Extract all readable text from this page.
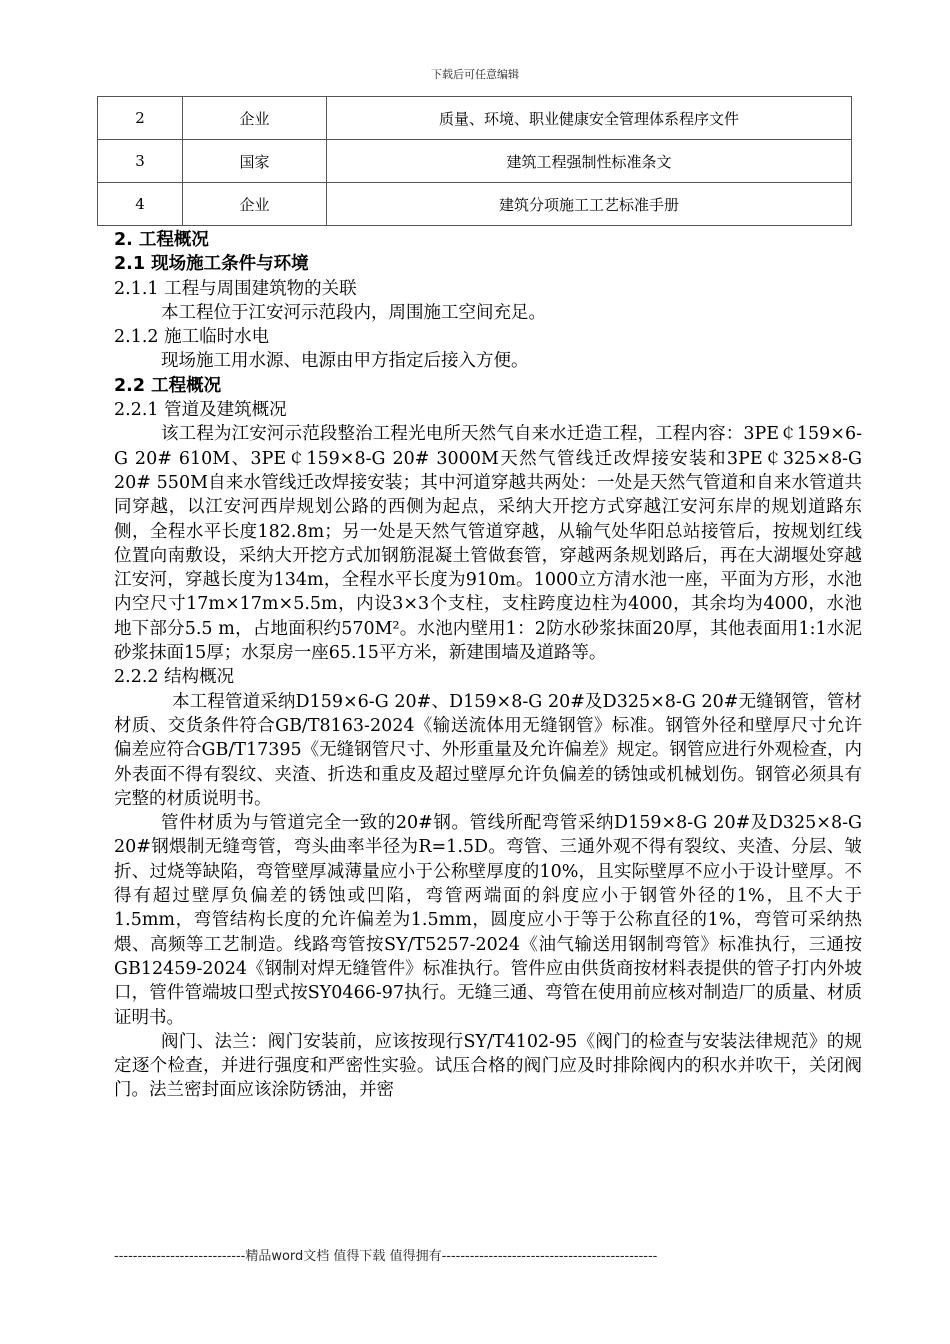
下载后可任意编辑
2	企业	质量、环境、职业健康安全管理体系程序文件
3	国家	建筑工程强制性标准条文
4	企业	建筑分项施工工艺标准手册

2. 工程概况

2.1 现场施工条件与环境

2.1.1 工程与周围建筑物的关联

本工程位于江安河示范段内，周围施工空间充足。

2.1.2 施工临时水电

现场施工用水源、电源由甲方指定后接入方便。

2.2 工程概况

2.2.1 管道及建筑概况

该工程为江安河示范段整治工程光电所天然气自来水迁造工程，工程内容：3PE￠159×6-G 20# 610M、3PE￠159×8-G 20# 3000M天然气管线迁改焊接安装和3PE￠325×8-G 20# 550M自来水管线迁改焊接安装；其中河道穿越共两处：一处是天然气管道和自来水管道共同穿越，以江安河西岸规划公路的西侧为起点，采纳大开挖方式穿越江安河东岸的规划道路东侧，全程水平长度182.8m；另一处是天然气管道穿越，从输气处华阳总站接管后，按规划红线位置向南敷设，采纳大开挖方式加钢筋混凝土管做套管，穿越两条规划路后，再在大湖堰处穿越江安河，穿越长度为134m，全程水平长度为910m。1000立方清水池一座，平面为方形，水池内空尺寸17m×17m×5.5m，内设3×3个支柱，支柱跨度边柱为4000，其余均为4000，水池地下部分5.5 m，占地面积约570M²。水池内壁用1：2防水砂浆抹面20厚，其他表面用1:1水泥砂浆抹面15厚；水泵房一座65.15平方米，新建围墙及道路等。

2.2.2 结构概况

本工程管道采纳D159×6-G 20#、D159×8-G 20#及D325×8-G 20#无缝钢管，管材材质、交货条件符合GB/T8163-2024《输送流体用无缝钢管》标准。钢管外径和壁厚尺寸允许偏差应符合GB/T17395《无缝钢管尺寸、外形重量及允许偏差》规定。钢管应进行外观检查，内外表面不得有裂纹、夹渣、折迭和重皮及超过壁厚允许负偏差的锈蚀或机械划伤。钢管必须具有完整的材质说明书。

管件材质为与管道完全一致的20#钢。管线所配弯管采纳D159×8-G 20#及D325×8-G 20#钢煨制无缝弯管，弯头曲率半径为R=1.5D。弯管、三通外观不得有裂纹、夹渣、分层、皱折、过烧等缺陷，弯管壁厚减薄量应小于公称壁厚度的10%，且实际壁厚不应小于设计壁厚。不得有超过壁厚负偏差的锈蚀或凹陷，弯管两端面的斜度应小于钢管外径的1%，且不大于1.5mm，弯管结构长度的允许偏差为1.5mm，圆度应小于等于公称直径的1%，弯管可采纳热煨、高频等工艺制造。线路弯管按SY/T5257-2024《油气输送用钢制弯管》标准执行，三通按GB12459-2024《钢制对焊无缝管件》标准执行。管件应由供货商按材料表提供的管子打内外坡口，管件管端坡口型式按SY0466-97执行。无缝三通、弯管在使用前应核对制造厂的质量、材质证明书。

阀门、法兰：阀门安装前，应该按现行SY/T4102-95《阀门的检查与安装法律规范》的规定逐个检查，并进行强度和严密性实验。试压合格的阀门应及时排除阀内的积水并吹干，关闭阀门。法兰密封面应该涂防锈油，并密

----------------------------精品word文档 值得下载 值得拥有----------------------------------------------
